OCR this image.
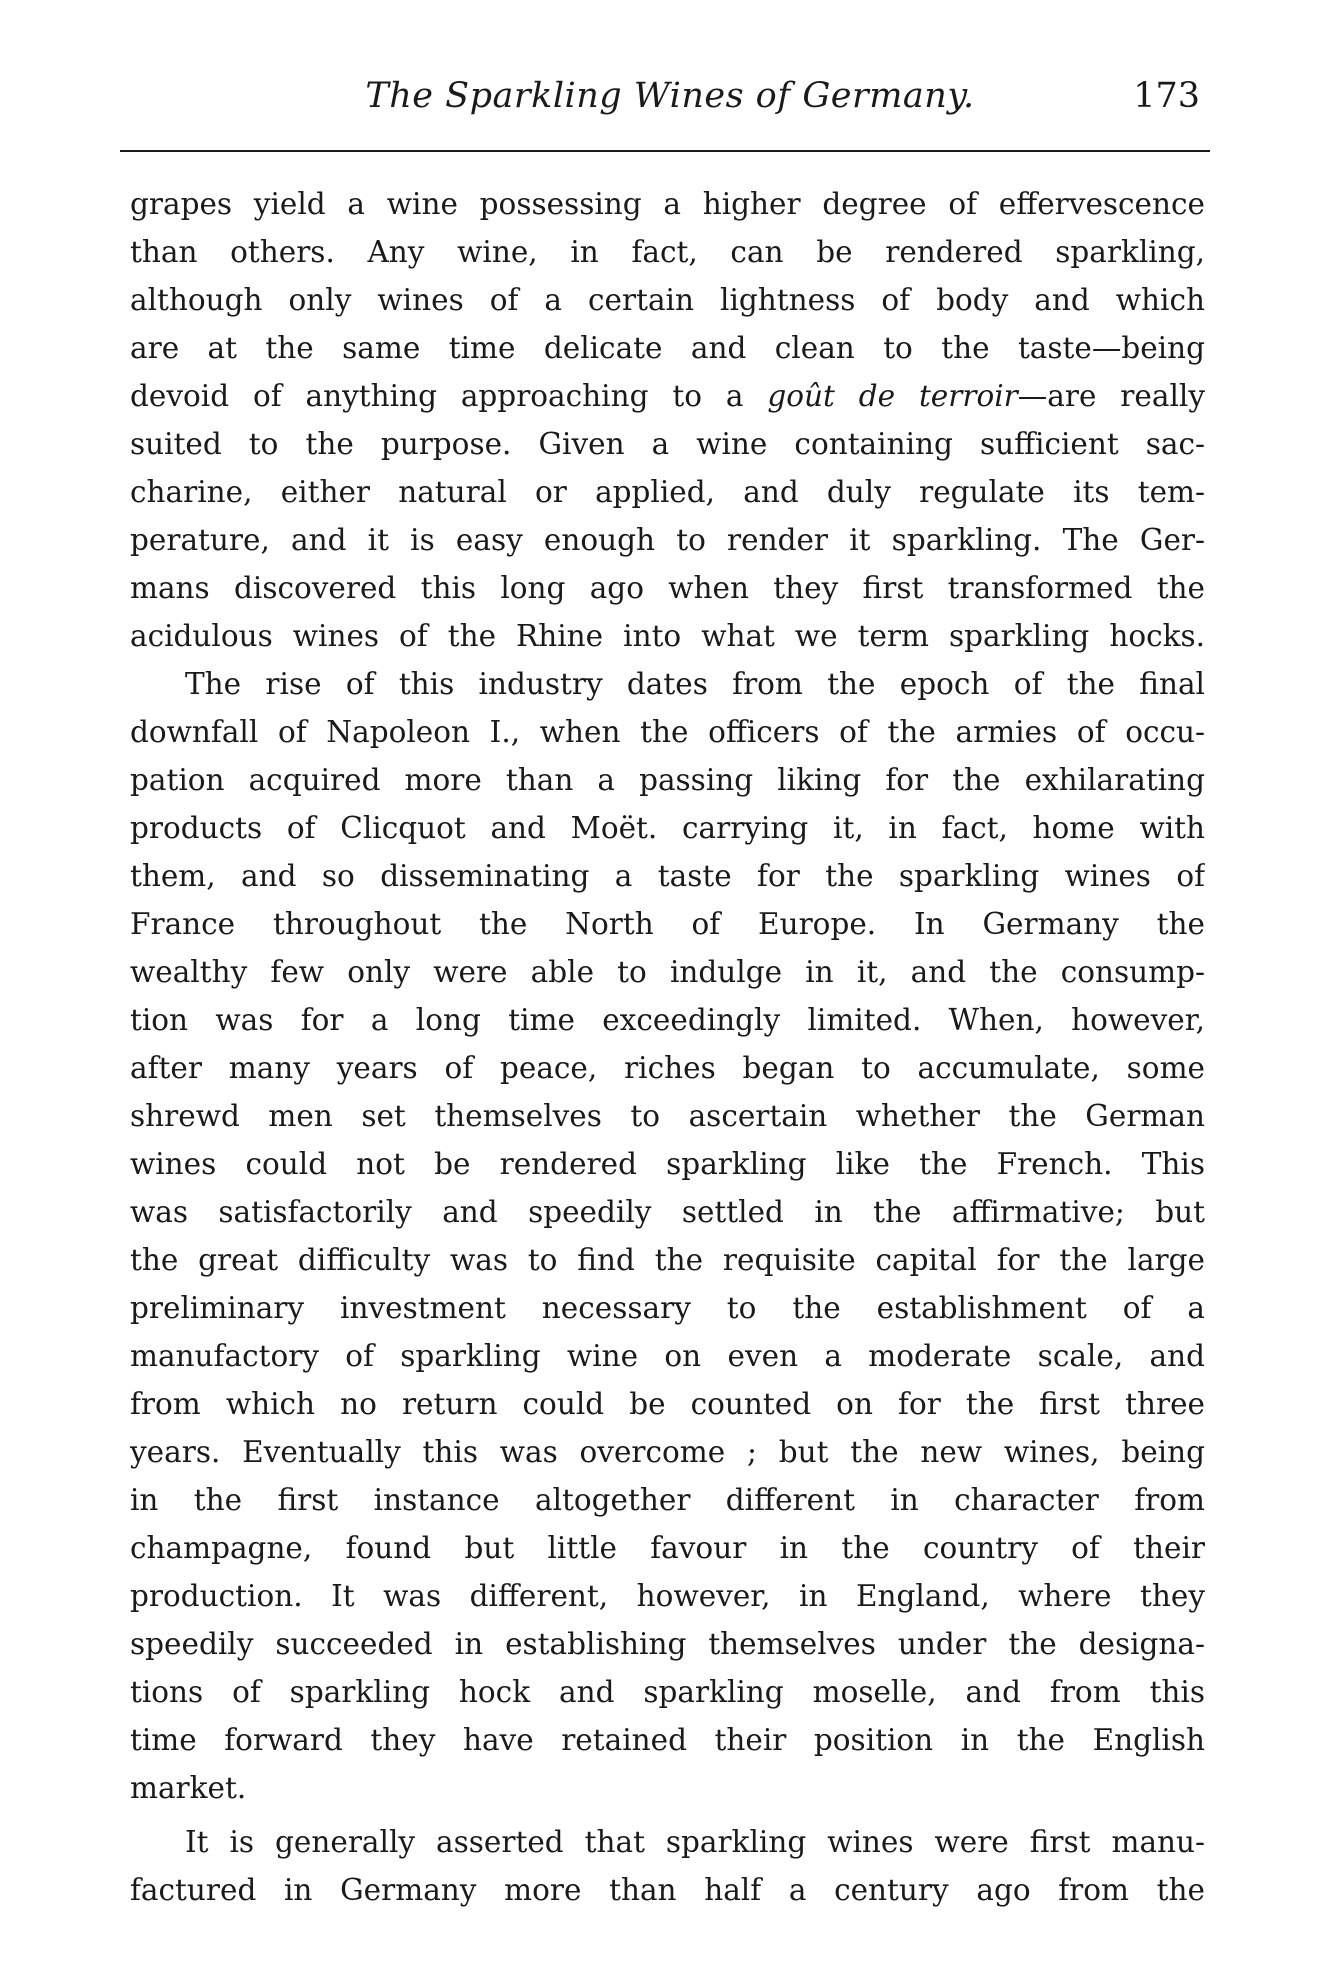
The Sparkling Wines of Germany.	173
grapes yield a wine possessing a higher degree of effervescence
than others. Any wine, in fact, can be rendered sparkling,
although only wines of a certain lightness of body and which
are at the same time delicate and clean to the taste—being
devoid of anything approaching to a goût de terroir—are really
suited to the purpose. Given a wine containing sufficient sac-
charine, either natural or applied, and duly regulate its tem-
perature, and it is easy enough to render it sparkling. The Ger-
mans discovered this long ago when they first transformed the
acidulous wines of the Rhine into what we term sparkling hocks.
The rise of this industry dates from the epoch of the final
downfall of Napoleon I., when the officers of the armies of occu-
pation acquired more than a passing liking for the exhilarating
products of Clicquot and Moët. carrying it, in fact, home with
them, and so disseminating a taste for the sparkling wines of
France throughout the North of Europe. In Germany the
wealthy few only were able to indulge in it, and the consump-
tion was for a long time exceedingly limited. When, however,
after many years of peace, riches began to accumulate, some
shrewd men set themselves to ascertain whether the German
wines could not be rendered sparkling like the French. This
was satisfactorily and speedily settled in the affirmative; but
the great difficulty was to find the requisite capital for the large
preliminary investment necessary to the establishment of a
manufactory of sparkling wine on even a moderate scale, and
from which no return could be counted on for the first three
years. Eventually this was overcome ; but the new wines, being
in the first instance altogether different in character from
champagne, found but little favour in the country of their
production. It was different, however, in England, where they
speedily succeeded in establishing themselves under the designa-
tions of sparkling hock and sparkling moselle, and from this
time forward they have retained their position in the English
market.
It is generally asserted that sparkling wines were first manu-
factured in Germany more than half a century ago from the
